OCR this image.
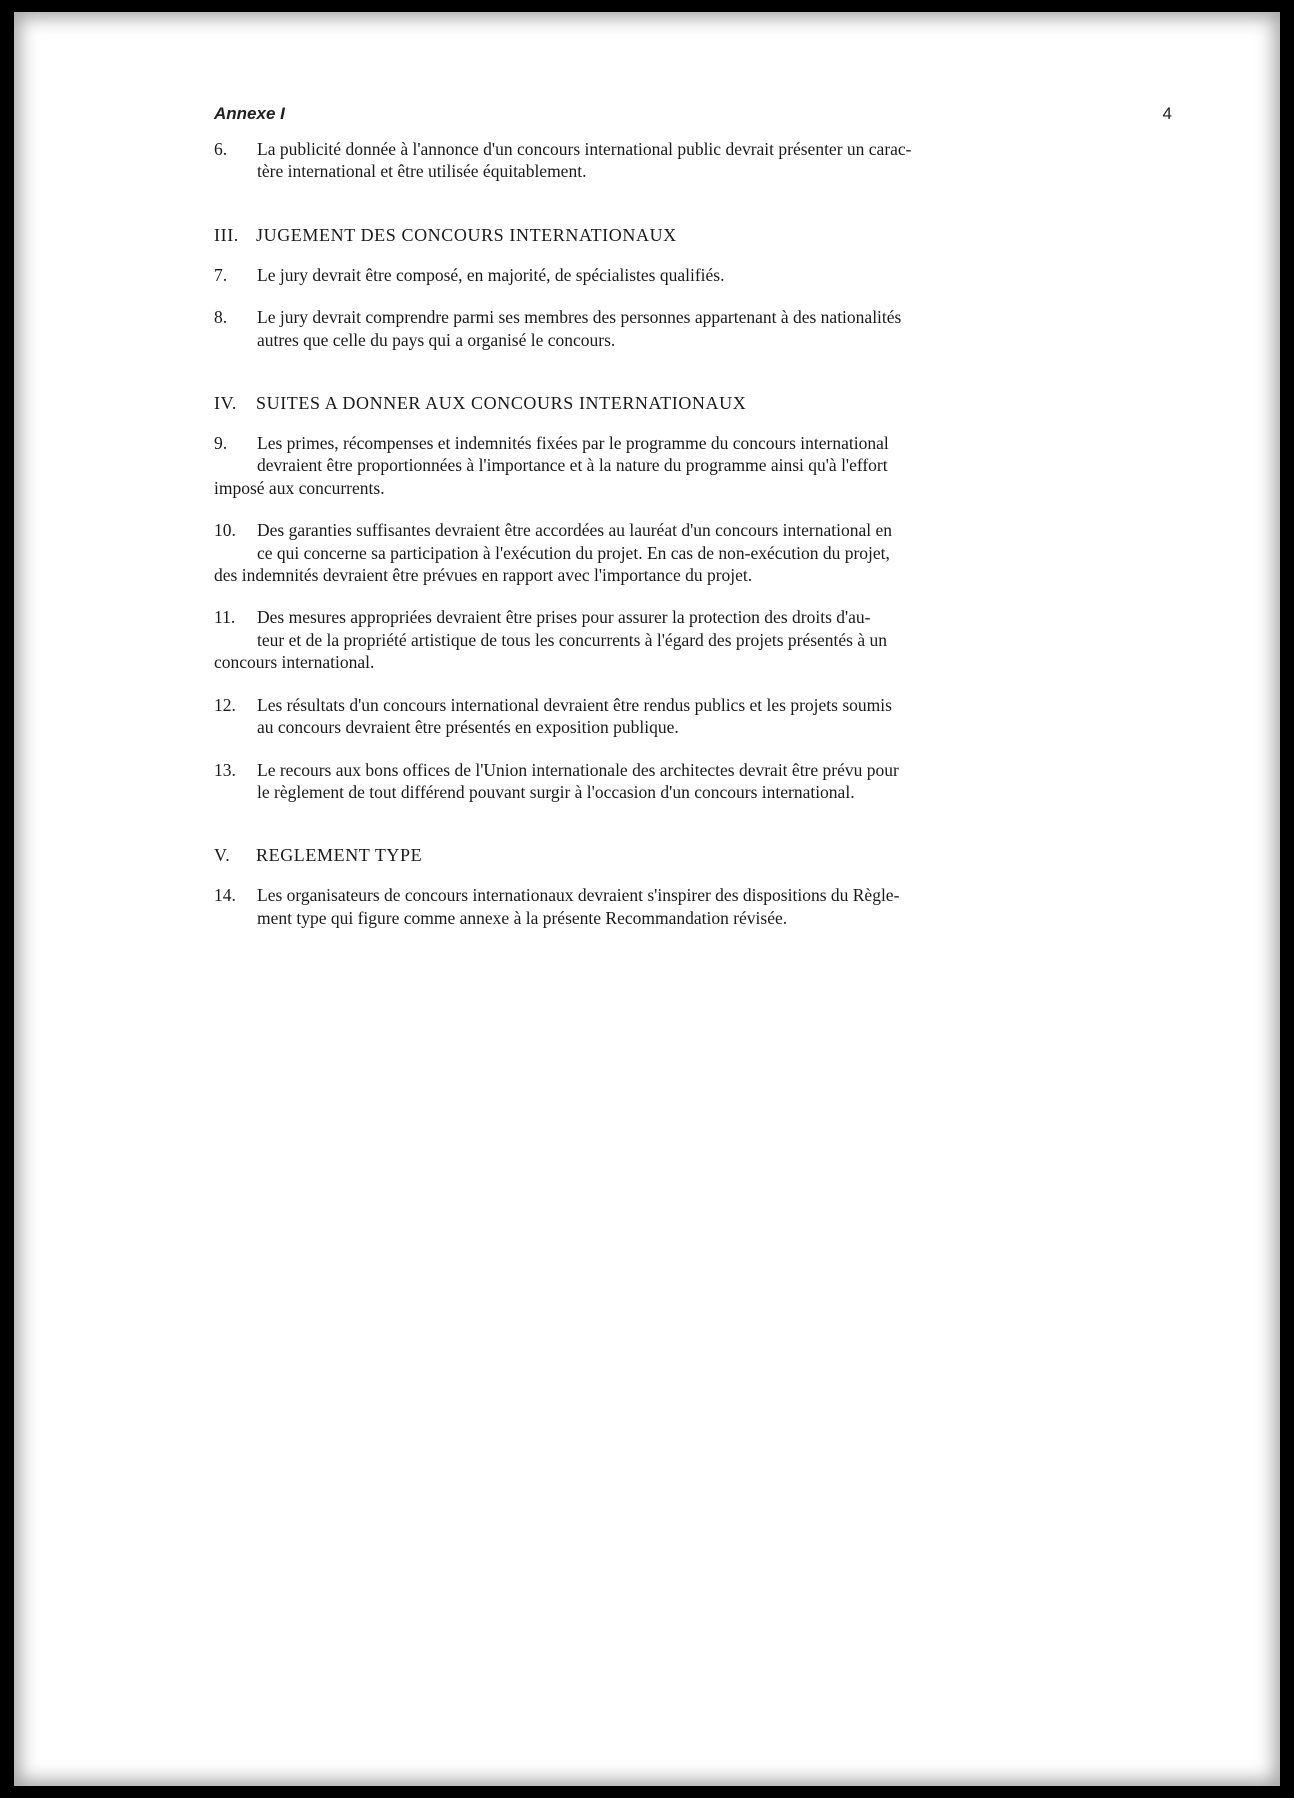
Annexe I	4
6.	La publicité donnée à l'annonce d'un concours international public devrait présenter un carac-
tère international et être utilisée équitablement.
III. JUGEMENT DES CONCOURS INTERNATIONAUX
7.	Le jury devrait être composé, en majorité, de spécialistes qualifiés.
8.	Le jury devrait comprendre parmi ses membres des personnes appartenant à des nationalités
autres que celle du pays qui a organisé le concours.
IV.	SUITES A DONNER AUX CONCOURS INTERNATIONAUX
9.	Les primes, récompenses et indemnités fixées par le programme du concours international
devraient être proportionnées à l'importance et à la nature du programme ainsi qu'à l'effort
imposé aux concurrents.
10.	Des garanties suffisantes devraient être accordées au lauréat d'un concours international en
ce qui concerne sa participation à l'exécution du projet. En cas de non-exécution du projet,
des indemnités devraient être prévues en rapport avec l'importance du projet.
11.	Des mesures appropriées devraient être prises pour assurer la protection des droits d'au-
teur et de la propriété artistique de tous les concurrents à l'égard des projets présentés à un
concours international.
12.	Les résultats d'un concours international devraient être rendus publics et les projets soumis
au concours devraient être présentés en exposition publique.
13.	Le recours aux bons offices de l'Union internationale des architectes devrait être prévu pour
le règlement de tout différend pouvant surgir à l'occasion d'un concours international.
V.	REGLEMENT TYPE
14.	Les organisateurs de concours internationaux devraient s'inspirer des dispositions du Règle-
ment type qui figure comme annexe à la présente Recommandation révisée.
